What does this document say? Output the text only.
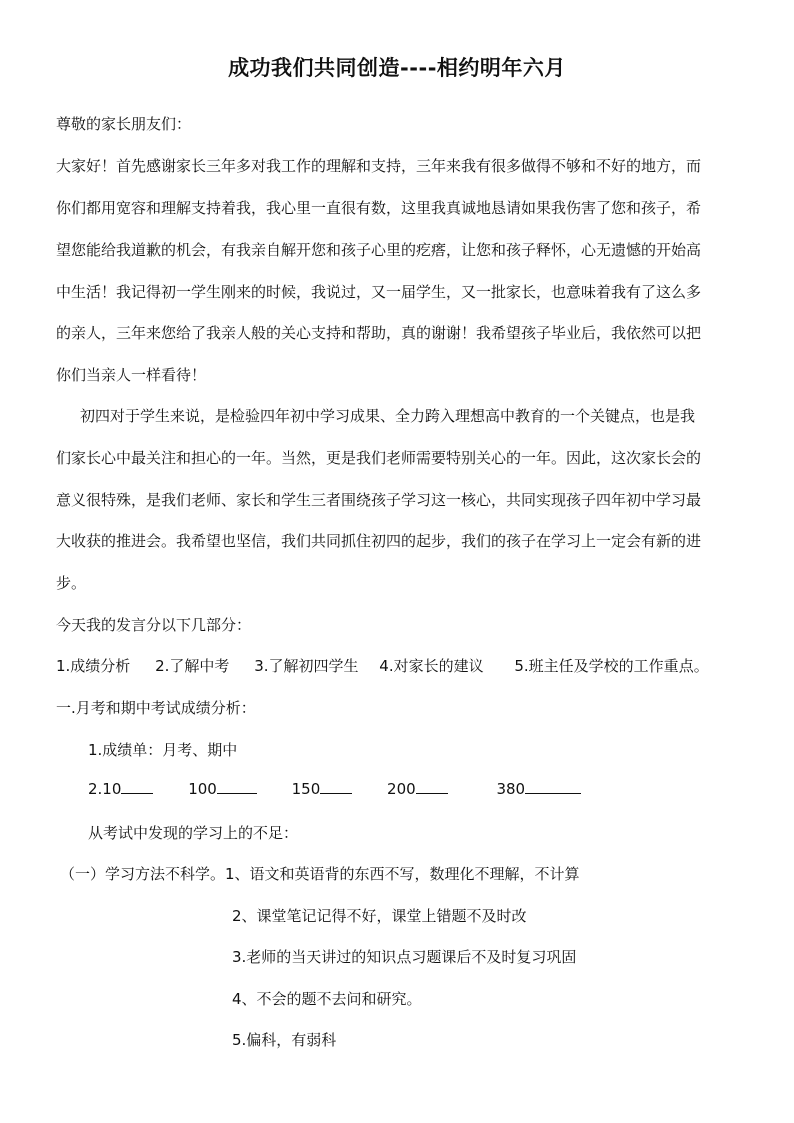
成功我们共同创造----相约明年六月
尊敬的家长朋友们：
大家好！首先感谢家长三年多对我工作的理解和支持，三年来我有很多做得不够和不好的地方，而
你们都用宽容和理解支持着我，我心里一直很有数，这里我真诚地恳请如果我伤害了您和孩子，希
望您能给我道歉的机会，有我亲自解开您和孩子心里的疙瘩，让您和孩子释怀，心无遗憾的开始高
中生活！我记得初一学生刚来的时候，我说过，又一届学生，又一批家长，也意味着我有了这么多
的亲人，三年来您给了我亲人般的关心支持和帮助，真的谢谢！我希望孩子毕业后，我依然可以把
你们当亲人一样看待！
初四对于学生来说，是检验四年初中学习成果、全力跨入理想高中教育的一个关键点，也是我
们家长心中最关注和担心的一年。当然，更是我们老师需要特别关心的一年。因此，这次家长会的
意义很特殊，是我们老师、家长和学生三者围绕孩子学习这一核心，共同实现孩子四年初中学习最
大收获的推进会。我希望也坚信，我们共同抓住初四的起步，我们的孩子在学习上一定会有新的进
步。
今天我的发言分以下几部分：
1.成绩分析 2.了解中考 3.了解初四学生 4.对家长的建议 5.班主任及学校的工作重点。
一.月考和期中考试成绩分析：
1.成绩单：月考、期中
2.10	100	150	200	380
从考试中发现的学习上的不足：
（一）学习方法不科学。1、语文和英语背的东西不写，数理化不理解，不计算
2、课堂笔记记得不好，课堂上错题不及时改
3.老师的当天讲过的知识点习题课后不及时复习巩固
4、不会的题不去问和研究。
5.偏科，有弱科
